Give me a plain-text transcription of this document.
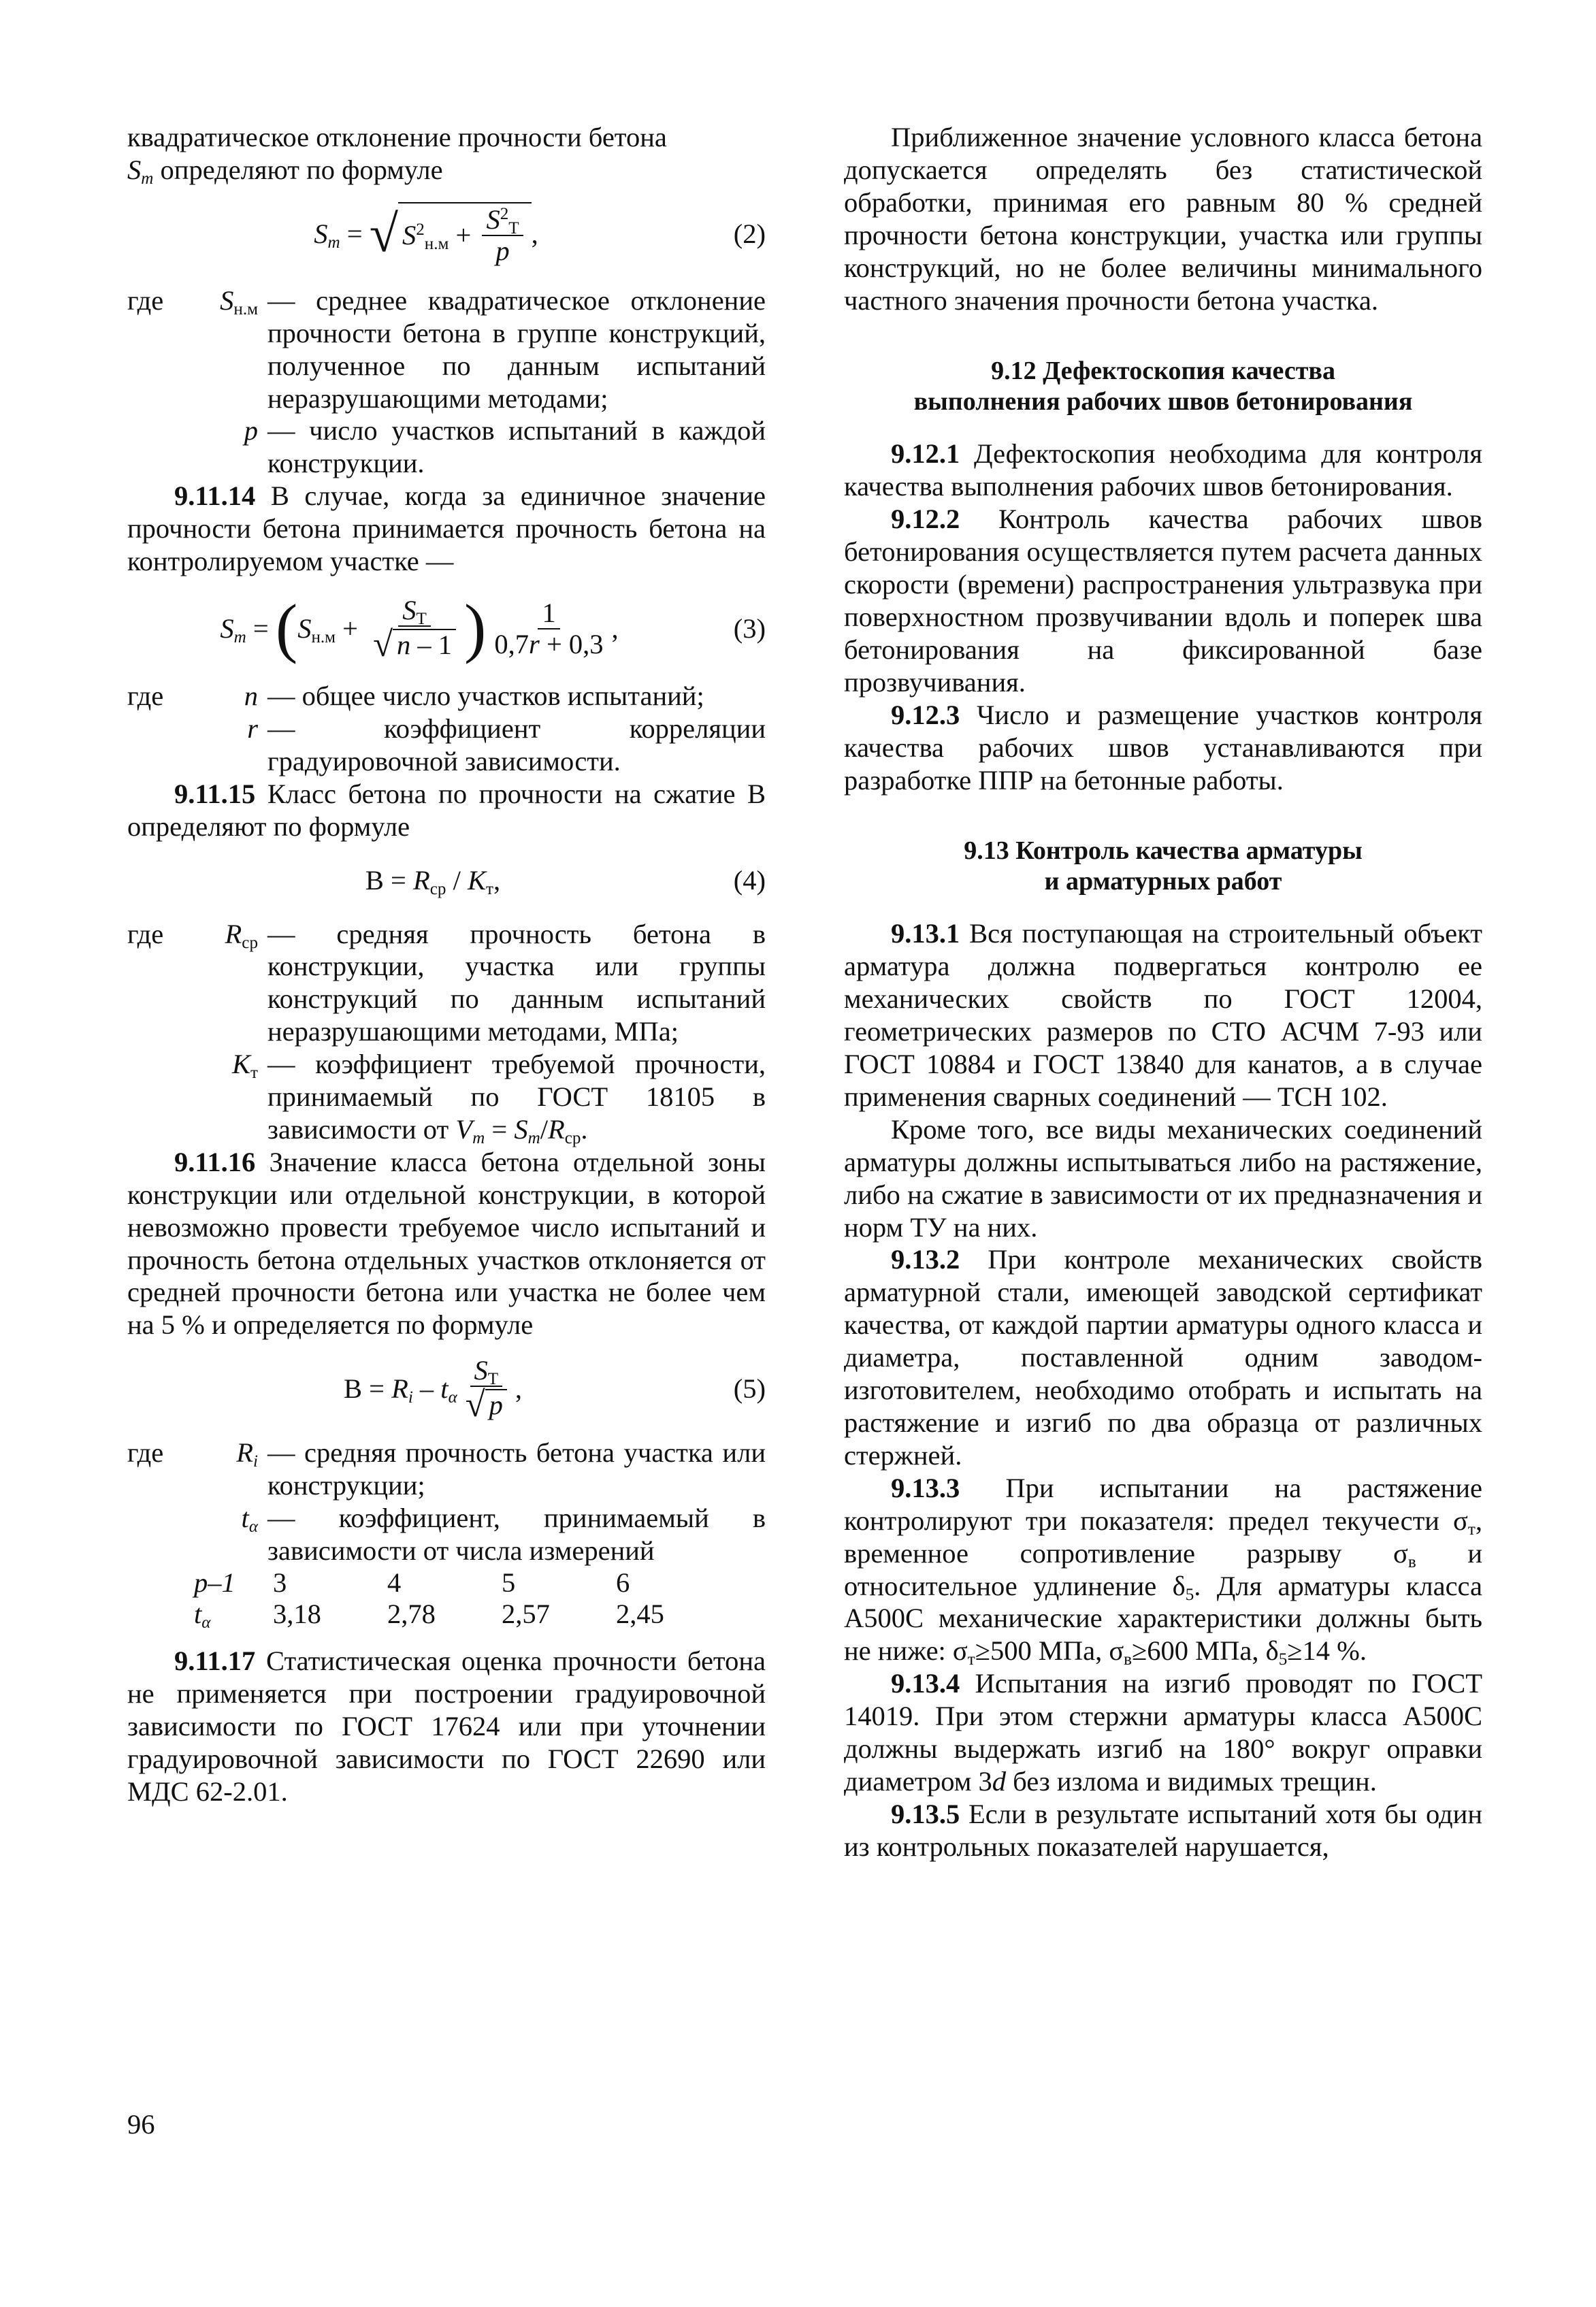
квадратическое отклонение прочности бетона
$S_m$ определяют по формуле

$S_m$ = √ $S^2_{н.м} + \frac{S^2_Т}{p}$ ,	(2)
где	$S_{н.м}$ — среднее квадратическое отклонение прочности бетона в группе конструкций, полученное по данным испытаний неразрушающими методами;
p — число участков испытаний в каждой конструкции.

9.11.14 В случае, когда за единичное значение прочности бетона принимается прочность бетона на контролируемом участке —

$S_m$ = ( $S_{н.м} + \frac{S_Т}{√ n - 1}$ ) $\frac{1}{0,7r + 0,3}$ ,	(3)
где	n — общее число участков испытаний;
r — коэффициент корреляции градуировочной зависимости.

9.11.15 Класс бетона по прочности на сжатие В определяют по формуле

$В = R_{ср} / K_т$ ,	(4)
где	$R_{ср}$ — средняя прочность бетона в конструкции, участка или группы конструкций по данным испытаний неразрушающими методами, МПа;
$K_т$ — коэффициент требуемой прочности, принимаемый по ГОСТ 18105 в зависимости от $V_m = S_m/R_{ср}$.

9.11.16 Значение класса бетона отдельной зоны конструкции или отдельной конструкции, в которой невозможно провести требуемое число испытаний и прочность бетона отдельных участков отклоняется от средней прочности бетона или участка не более чем на 5 % и определяется по формуле

$В = R_i - t_\alpha \frac{S_Т}{√ p}$ ,	(5)
где	$R_i$ — средняя прочность бетона участка или конструкции;
$t_\alpha$ — коэффициент, принимаемый в зависимости от числа измерений
p–1	3	4	5	6
$t_\alpha$	3,18	2,78	2,57	2,45

9.11.17 Статистическая оценка прочности бетона не применяется при построении градуировочной зависимости по ГОСТ 17624 или при уточнении градуировочной зависимости по ГОСТ 22690 или МДС 62-2.01.

Приближенное значение условного класса бетона допускается определять без статистической обработки, принимая его равным 80 % средней прочности бетона конструкции, участка или группы конструкций, но не более величины минимального частного значения прочности бетона участка.

9.12 Дефектоскопия качества
выполнения рабочих швов бетонирования

9.12.1 Дефектоскопия необходима для контроля качества выполнения рабочих швов бетонирования.

9.12.2 Контроль качества рабочих швов бетонирования осуществляется путем расчета данных скорости (времени) распространения ультразвука при поверхностном прозвучивании вдоль и поперек шва бетонирования на фиксированной базе прозвучивания.

9.12.3 Число и размещение участков контроля качества рабочих швов устанавливаются при разработке ППР на бетонные работы.

9.13 Контроль качества арматуры
и арматурных работ

9.13.1 Вся поступающая на строительный объект арматура должна подвергаться контролю ее механических свойств по ГОСТ 12004, геометрических размеров по СТО АСЧМ 7-93 или ГОСТ 10884 и ГОСТ 13840 для канатов, а в случае применения сварных соединений — ТСН 102.

Кроме того, все виды механических соединений арматуры должны испытываться либо на растяжение, либо на сжатие в зависимости от их предназначения и норм ТУ на них.

9.13.2 При контроле механических свойств арматурной стали, имеющей заводской сертификат качества, от каждой партии арматуры одного класса и диаметра, поставленной одним заводом-изготовителем, необходимо отобрать и испытать на растяжение и изгиб по два образца от различных стержней.

9.13.3 При испытании на растяжение контролируют три показателя: предел текучести $\sigma_т$, временное сопротивление разрыву $\sigma_в$ и относительное удлинение $\delta_5$. Для арматуры класса А500С механические характеристики должны быть не ниже: $\sigma_т\ge 500$ МПа, $\sigma_в\ge 600$ МПа, $\delta_5\ge 14$ %.

9.13.4 Испытания на изгиб проводят по ГОСТ 14019. При этом стержни арматуры класса А500С должны выдержать изгиб на 180° вокруг оправки диаметром 3d без излома и видимых трещин.

9.13.5 Если в результате испытаний хотя бы один из контрольных показателей нарушается,

96
